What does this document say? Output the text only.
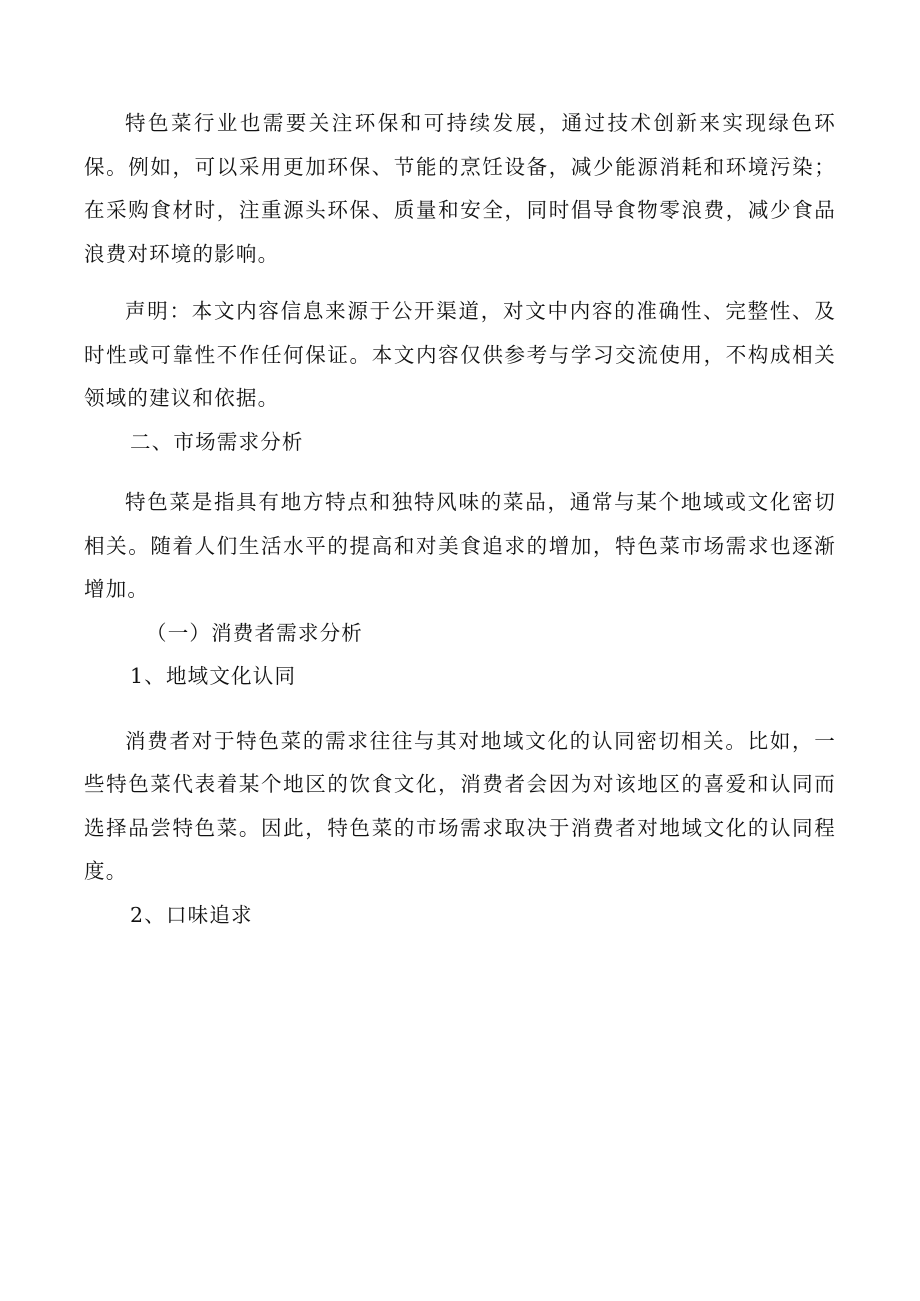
特色菜行业也需要关注环保和可持续发展，通过技术创新来实现绿色环保。例如，可以采用更加环保、节能的烹饪设备，减少能源消耗和环境污染；在采购食材时，注重源头环保、质量和安全，同时倡导食物零浪费，减少食品浪费对环境的影响。

声明：本文内容信息来源于公开渠道，对文中内容的准确性、完整性、及时性或可靠性不作任何保证。本文内容仅供参考与学习交流使用，不构成相关领域的建议和依据。

二、市场需求分析

特色菜是指具有地方特点和独特风味的菜品，通常与某个地域或文化密切相关。随着人们生活水平的提高和对美食追求的增加，特色菜市场需求也逐渐增加。

（一）消费者需求分析

1、地域文化认同

消费者对于特色菜的需求往往与其对地域文化的认同密切相关。比如，一些特色菜代表着某个地区的饮食文化，消费者会因为对该地区的喜爱和认同而选择品尝特色菜。因此，特色菜的市场需求取决于消费者对地域文化的认同程度。

2、口味追求
